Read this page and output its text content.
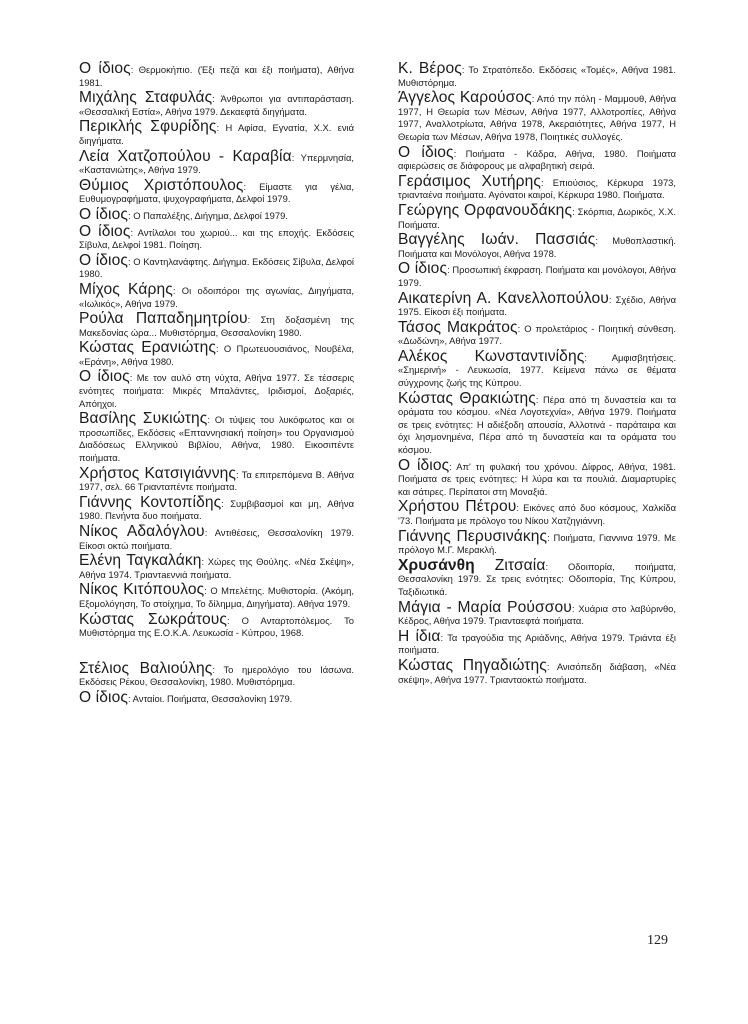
Ο ίδιος: Θερμοκήπιο. (Έξι πεζά και έξι ποιήματα), Αθήνα 1981.

Μιχάλης Σταφυλάς: Άνθρωποι για αντιπαράσταση. «Θεσσαλική Εστία», Αθήνα 1979. Δεκαεφτά διηγήματα.

Περικλής Σφυρίδης: Η Αφίσα, Εγνατία, Χ.Χ. ενιά διηγήματα.

Λεία Χατζοπούλου - Καραβία: Υπερμνησία, «Καστανιώτης», Αθήνα 1979.

Θύμιος Χριστόπουλος: Είμαστε για γέλια, Ευθυμογραφήματα, ψυχογραφήματα, Δελφοί 1979.

Ο ίδιος: Ο Παπαλέξης, Διήγημα, Δελφοί 1979.

Ο ίδιος: Αντίλαλοι του χωριού... και της εποχής. Εκδόσεις Σίβυλα, Δελφοί 1981. Ποίηση.

Ο ίδιος: Ο Καντηλανάφτης. Διήγημα. Εκδόσεις Σίβυλα, Δελφοί 1980.

Μίχος Κάρης: Οι οδοιπόροι της αγωνίας, Διηγήματα, «Ιωλικός», Αθήνα 1979.

Ρούλα Παπαδημητρίου: Στη δοξασμένη της Μακεδονίας ώρα... Μυθιστόρημα, Θεσσαλονίκη 1980.

Κώστας Ερανιώτης: Ο Πρωτευουσιάνος, Νουβέλα, «Εράνη», Αθήνα 1980.

Ο ίδιος: Με τον αυλό στη νύχτα, Αθήνα 1977. Σε τέσσερις ενότητες ποιήματα: Μικρές Μπαλάντες, Ιριδισμοί, Δοξαριές, Απόηχοι.

Βασίλης Συκιώτης: Οι τύψεις του λυκόφωτος και οι προσωπίδες, Εκδόσεις «Επταννησιακή ποίηση» του Οργανισμού Διαδόσεως Ελληνικού Βιβλίου, Αθήνα, 1980. Εικοσιπέντε ποιήματα.

Χρήστος Κατσιγιάννης: Τα επιτρεπόμενα Β. Αθήνα 1977, σελ. 66 Τριανταπέντε ποιήματα.

Γιάννης Κοντοπίδης: Συμβιβασμοί και μη, Αθήνα 1980. Πενήντα δυο ποιήματα.

Νίκος Αδαλόγλου: Αντιθέσεις, Θεσσαλονίκη 1979. Είκοσι οκτώ ποιήματα.

Ελένη Ταγκαλάκη: Χώρες της Θούλης. «Νέα Σκέψη», Αθήνα 1974. Τριαντaεννιά ποιήματα.

Νίκος Κιτόπουλος: Ο Μπελέτης. Μυθιστορία. (Ακόμη, Εξομολόγηση, Το στοίχημα, Το δίλημμα, Διηγήματα). Αθήνα 1979.

Κώστας Σωκράτους: Ο Ανταρτοπόλεμος. Το Μυθιστόρημα της Ε.Ο.Κ.Α. Λευκωσία - Κύπρου, 1968.

Στέλιος Βαλιούλης: Το ημερολόγιο του Ιάσωνα. Εκδόσεις Ρέκου, Θεσσαλονίκη, 1980. Μυθιστόρημα.

Ο ίδιος: Ανταίοι. Ποιήματα, Θεσσαλονίκη 1979.

Κ. Βέρος: Το Στρατόπεδο. Εκδόσεις «Τομές», Αθήνα 1981. Μυθιστόρημα.

Άγγελος Καρούσος: Από την πόλη - Μαμμουθ, Αθήνα 1977, Η Θεωρία των Μέσων, Αθήνα 1977, Αλλοτροπίες, Αθήνα 1977, Αναλλοτρίωτα, Αθήνα 1978, Ακεραιότητες, Αθήνα 1977, Η Θεωρία των Μέσων, Αθήνα 1978, Ποιητικές συλλογές.

Ο ίδιος: Ποιήματα - Κάδρα, Αθήνα, 1980. Ποιήματα αφιερώσεις σε διάφορους με αλφαβητική σειρά.

Γεράσιμος Χυτήρης: Επιούσιος, Κέρκυρα 1973, τριανταένα ποιήματα. Αγόνατοι καιροί, Κέρκυρα 1980. Ποιήματα.

Γεώργης Ορφανουδάκης: Σκόρπια, Δωρικός, Χ.Χ. Ποιήματα.

Βαγγέλης Ιωάν. Πασσιάς: Μυθοπλαστική. Ποιήματα και Μονόλογοι, Αθήνα 1978.

Ο ίδιος: Προσωπική έκφραση. Ποιήματα και μονόλογοι, Αθήνα 1979.

Αικατερίνη Α. Κανελλοπούλου: Σχέδιο, Αθήνα 1975. Είκοσι έξι ποιήματα.

Τάσος Μακράτος: Ο προλετάριος - Ποιητική σύνθεση. «Δωδώνη», Αθήνα 1977.

Αλέκος Κωνσταντινίδης: Αμφισβητήσεις. «Σημερινή» - Λευκωσία, 1977. Κείμενα πάνω σε θέματα σύγχρονης ζωής της Κύπρου.

Κώστας Θρακιώτης: Πέρα από τη δυναστεία και τα οράματα του κόσμου. «Νέα Λογοτεχνία», Αθήνα 1979. Ποιήματα σε τρεις ενότητες: Η αδιέξοδη απουσία, Αλλοτινά - παράταιρα και όχι λησμονημένα, Πέρα από τη δυναστεία και τα οράματα του κόσμου.

Ο ίδιος: Απ' τη φυλακή του χρόνου. Δίφρος, Αθήνα, 1981. Ποιήματα σε τρεις ενότητες: Η λύρα και τα πουλιά. Διαμαρτυρίες και σάτιρες. Περίπατοι στη Μοναξιά.

Χρήστου Πέτρου: Εικόνες από δυο κόσμους, Χαλκίδα '73. Ποιήματα με πρόλογο του Νίκου Χατζηγιάννη.

Γιάννης Περυσινάκης: Ποιήματα, Γιαννινα 1979. Με πρόλογο Μ.Γ. Μερακλή.

Χρυσάνθη Ζιτσαία: Οδοιπορία, ποιήματα, Θεσσαλονίκη 1979. Σε τρεις ενότητες: Οδοιπορία, Της Κύπρου, Ταξιδιωτικά.

Μάγια - Μαρία Ρούσσου: Χυάρια στο λαβύρινθο, Κέδρος, Αθήνα 1979. Τριανταεφτά ποιήματα.

Η ίδια: Τα τραγούδια της Αριάδνης, Αθήνα 1979. Τριάντα έξι ποιήματα.

Κώστας Πηγαδιώτης: Ανισόπεδη διάβαση, «Νέα σκέψη», Αθήνα 1977. Τριανταοκτώ ποιήματα.

129
